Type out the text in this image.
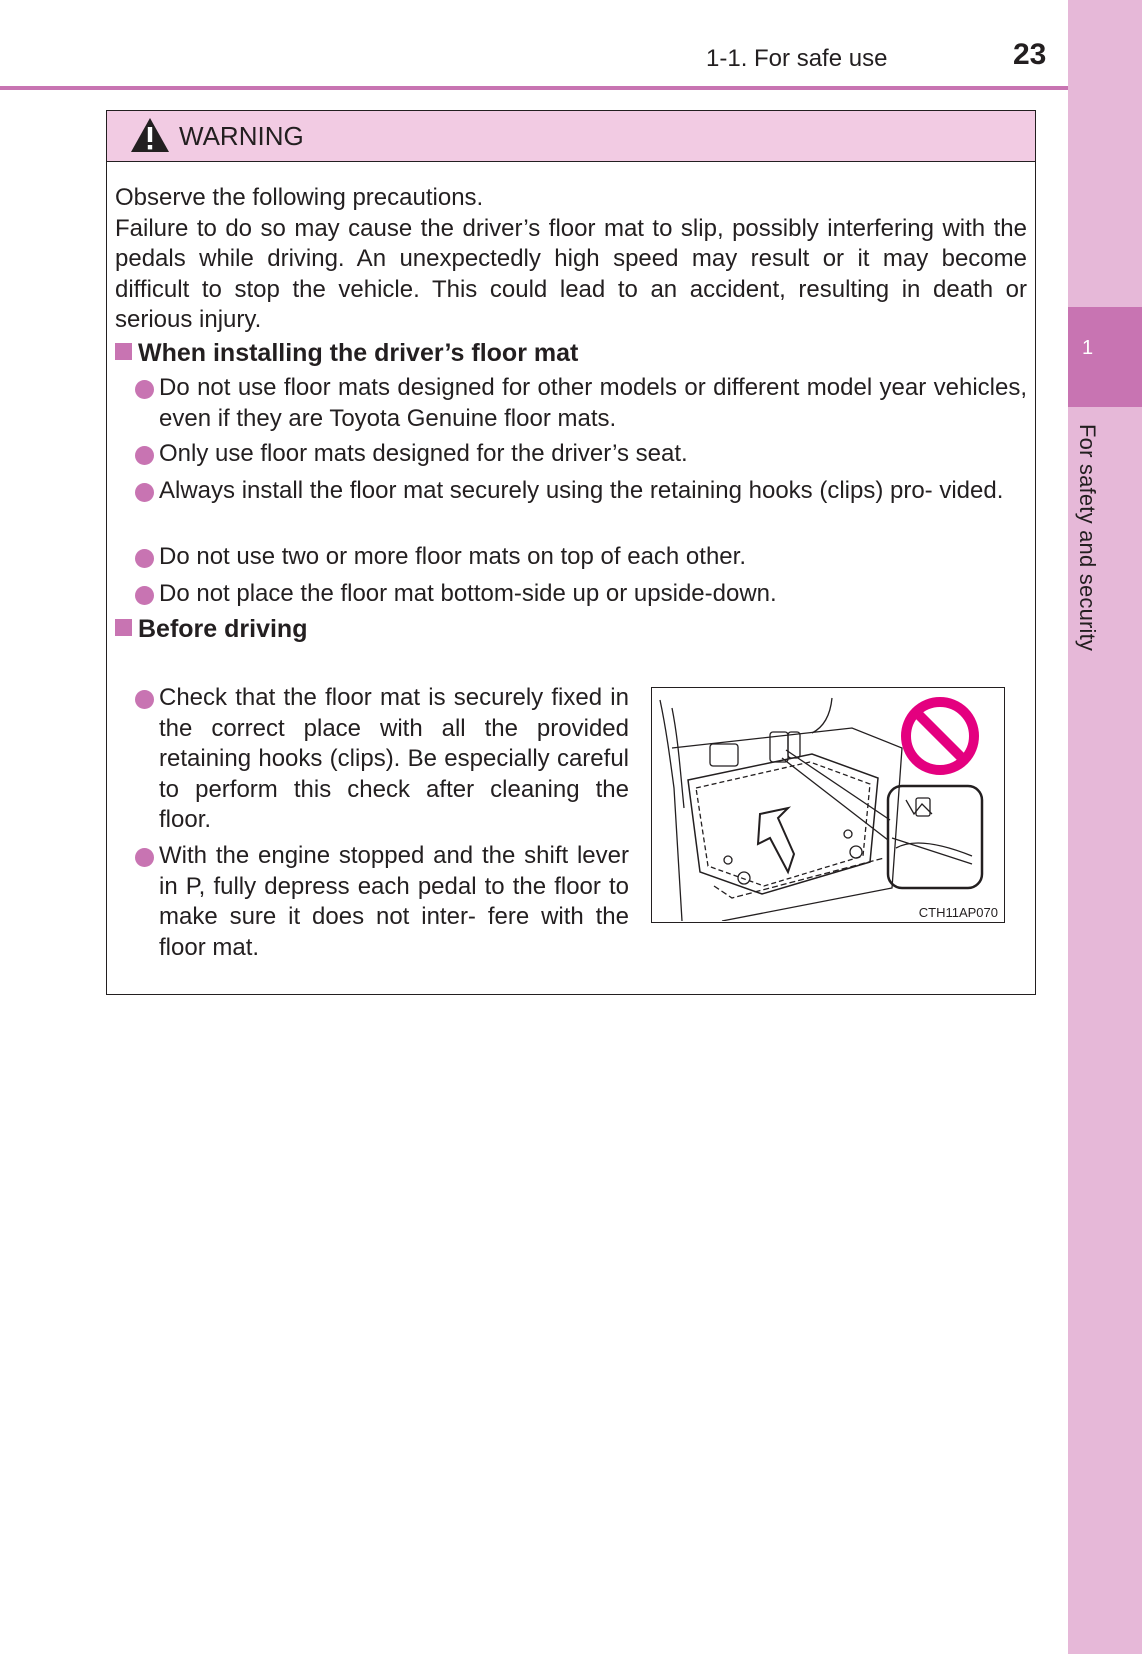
1
For safety and security
1-1. For safe use	23
WARNING

Observe the following precautions.

Failure to do so may cause the driver’s floor mat to slip, possibly interfering with the pedals while driving. An unexpectedly high speed may result or it may become difficult to stop the vehicle. This could lead to an accident, resulting in death or serious injury.

When installing the driver’s floor mat
Do not use floor mats designed for other models or different model year vehicles, even if they are Toyota Genuine floor mats.
Only use floor mats designed for the driver’s seat.
Always install the floor mat securely using the retaining hooks (clips) pro- vided.
Do not use two or more floor mats on top of each other.
Do not place the floor mat bottom-side up or upside-down.
Before driving
Check that the floor mat is securely fixed in the correct place with all the provided retaining hooks (clips). Be especially careful to perform this check after cleaning the floor.
With the engine stopped and the shift lever in P, fully depress each pedal to the floor to make sure it does not inter- fere with the floor mat.
CTH11AP070
